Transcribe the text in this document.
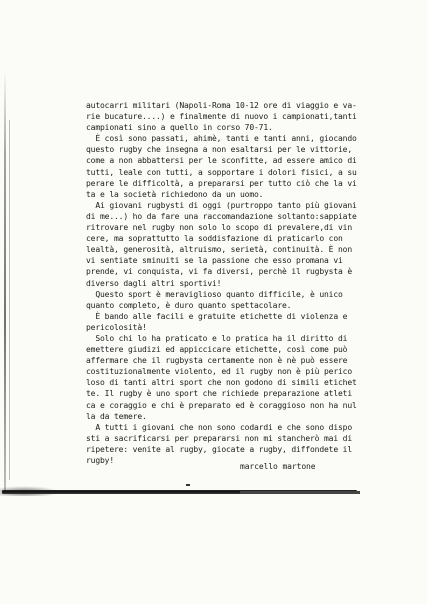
autocarri militari (Napoli-Roma 10-12 ore di viaggio e va-
rie bucature....) e finalmente di nuovo i campionati,tanti
campionati sino a quello in corso 70-71.
È così sono passati, ahimè, tanti e tanti anni, giocando
questo rugby che insegna a non esaltarsi per le vittorie,
come a non abbattersi per le sconfitte, ad essere amico di
tutti, leale con tutti, a sopportare i dolori fisici, a su
perare le difficoltà, a prepararsi per tutto ciò che la vi
ta e la società richiedono da un uomo.
Ai giovani rugbysti di oggi (purtroppo tanto più giovani
di me...) ho da fare una raccomandazione soltanto:sappiate
ritrovare nel rugby non solo lo scopo di prevalere,di vin
cere, ma soprattutto la soddisfazione di praticarlo con
lealtà, generosità, altruismo, serietà, continuità. È non
vi sentiate sminuiti se la passione che esso promana vi
prende, vi conquista, vi fa diversi, perchè il rugbysta è
diverso dagli altri sportivi!
Questo sport è meraviglioso quanto difficile, è unico
quanto completo, è duro quanto spettacolare.
È bando alle facili e gratuite etichette di violenza e
pericolosità!
Solo chi lo ha praticato e lo pratica ha il diritto di
emettere giudizi ed appiccicare etichette, così come può
affermare che il rugbysta certamente non è nè può essere
costituzionalmente violento, ed il rugby non è più perico
loso di tanti altri sport che non godono di simili etichet
te. Il rugby è uno sport che richiede preparazione atleti
ca e coraggio e chi è preparato ed è coraggioso non ha nul
la da temere.
A tutti i giovani che non sono codardi e che sono dispo
sti a sacrificarsi per prepararsi non mi stancherò mai di
ripetere: venite al rugby, giocate a rugby, diffondete il
rugby!
marcello martone
